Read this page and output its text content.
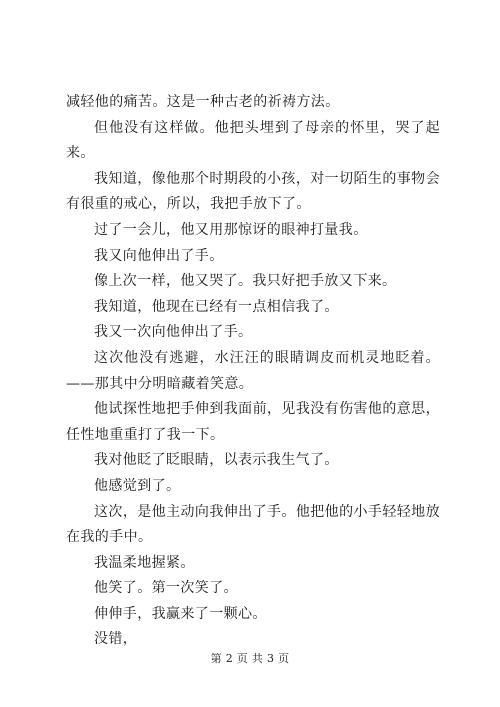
减轻他的痛苦。这是一种古老的祈祷方法。

但他没有这样做。他把头埋到了母亲的怀里，哭了起来。

我知道，像他那个时期段的小孩，对一切陌生的事物会有很重的戒心，所以，我把手放下了。

过了一会儿，他又用那惊讶的眼神打量我。

我又向他伸出了手。

像上次一样，他又哭了。我只好把手放又下来。

我知道，他现在已经有一点相信我了。

我又一次向他伸出了手。

这次他没有逃避，水汪汪的眼睛调皮而机灵地眨着。——那其中分明暗藏着笑意。

他试探性地把手伸到我面前，见我没有伤害他的意思，任性地重重打了我一下。

我对他眨了眨眼睛，以表示我生气了。

他感觉到了。

这次，是他主动向我伸出了手。他把他的小手轻轻地放在我的手中。

我温柔地握紧。

他笑了。第一次笑了。

伸伸手，我赢来了一颗心。

没错，

第 2 页 共 3 页
